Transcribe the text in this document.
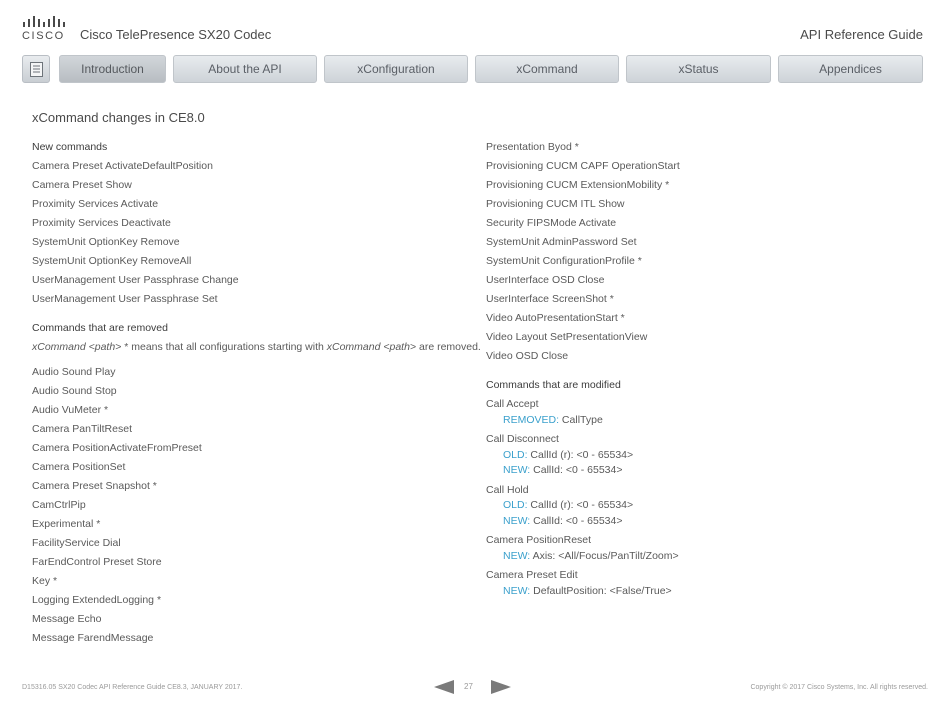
CISCO Cisco TelePresence SX20 Codec	API Reference Guide
Introduction	About the API	xConfiguration	xCommand	xStatus	Appendices
xCommand changes in CE8.0
New commands
Camera Preset ActivateDefaultPosition
Camera Preset Show
Proximity Services Activate
Proximity Services Deactivate
SystemUnit OptionKey Remove
SystemUnit OptionKey RemoveAll
UserManagement User Passphrase Change
UserManagement User Passphrase Set
Commands that are removed
xCommand <path> * means that all configurations starting with xCommand <path> are removed.
Audio Sound Play
Audio Sound Stop
Audio VuMeter *
Camera PanTiltReset
Camera PositionActivateFromPreset
Camera PositionSet
Camera Preset Snapshot *
CamCtrlPip
Experimental *
FacilityService Dial
FarEndControl Preset Store
Key *
Logging ExtendedLogging *
Message Echo
Message FarendMessage
Presentation Byod *
Provisioning CUCM CAPF OperationStart
Provisioning CUCM ExtensionMobility *
Provisioning CUCM ITL Show
Security FIPSMode Activate
SystemUnit AdminPassword Set
SystemUnit ConfigurationProfile *
UserInterface OSD Close
UserInterface ScreenShot *
Video AutoPresentationStart *
Video Layout SetPresentationView
Video OSD Close
Commands that are modified
Call Accept
REMOVED: CallType
Call Disconnect
OLD: CallId (r): <0 - 65534>
NEW: CallId: <0 - 65534>
Call Hold
OLD: CallId (r): <0 - 65534>
NEW: CallId: <0 - 65534>
Camera PositionReset
NEW: Axis: <All/Focus/PanTilt/Zoom>
Camera Preset Edit
NEW: DefaultPosition: <False/True>
D15316.05 SX20 Codec API Reference Guide CE8.3, JANUARY 2017.	27	Copyright © 2017 Cisco Systems, Inc. All rights reserved.
